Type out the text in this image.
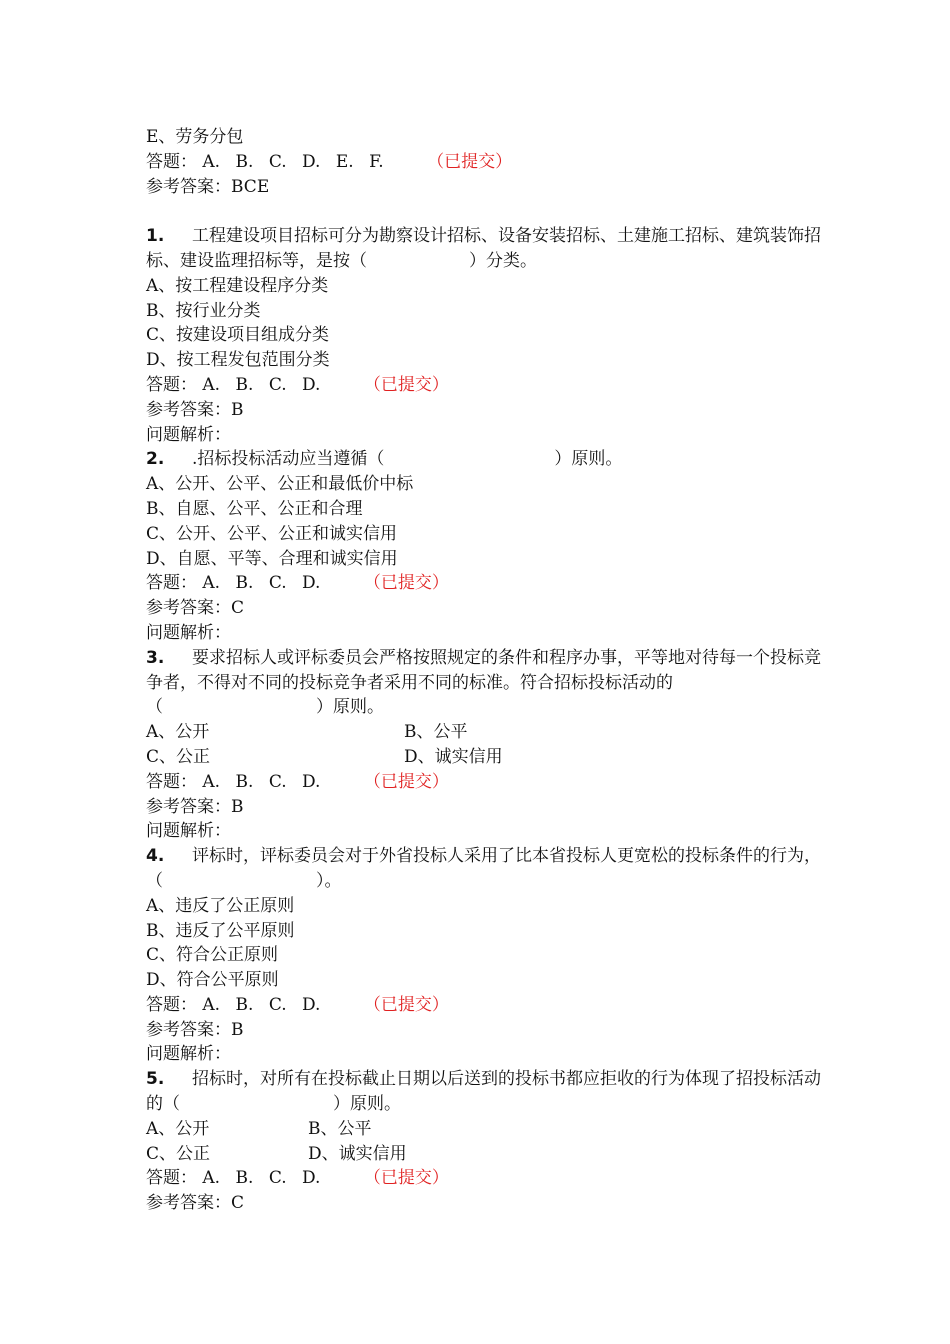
E、劳务分包
答题： A. B. C. D. E. F.	（已提交）
参考答案：BCE
1. 工程建设项目招标可分为勘察设计招标、设备安装招标、土建施工招标、建筑装饰招标、建设监理招标等，是按（　　　　　　）分类。
A、按工程建设程序分类
B、按行业分类
C、按建设项目组成分类
D、按工程发包范围分类
答题： A. B. C. D.	（已提交）
参考答案：B
问题解析：
2. .招标投标活动应当遵循（　　　　　　　　　　）原则。
A、公开、公平、公正和最低价中标
B、自愿、公平、公正和合理
C、公开、公平、公正和诚实信用
D、自愿、平等、合理和诚实信用
答题： A. B. C. D.	（已提交）
参考答案：C
问题解析：
3. 要求招标人或评标委员会严格按照规定的条件和程序办事，平等地对待每一个投标竞争者，不得对不同的投标竞争者采用不同的标准。符合招标投标活动的（　　　　　　　　　）原则。
A、公开	B、公平
C、公正	D、诚实信用
答题： A. B. C. D.	（已提交）
参考答案：B
问题解析：
4. 评标时，评标委员会对于外省投标人采用了比本省投标人更宽松的投标条件的行为，（　　　　　　　　　）。
A、违反了公正原则
B、违反了公平原则
C、符合公正原则
D、符合公平原则
答题： A. B. C. D.	（已提交）
参考答案：B
问题解析：
5. 招标时，对所有在投标截止日期以后送到的投标书都应拒收的行为体现了招投标活动的（　　　　　　　　　）原则。
A、公开	B、公平
C、公正	D、诚实信用
答题： A. B. C. D.	（已提交）
参考答案：C
